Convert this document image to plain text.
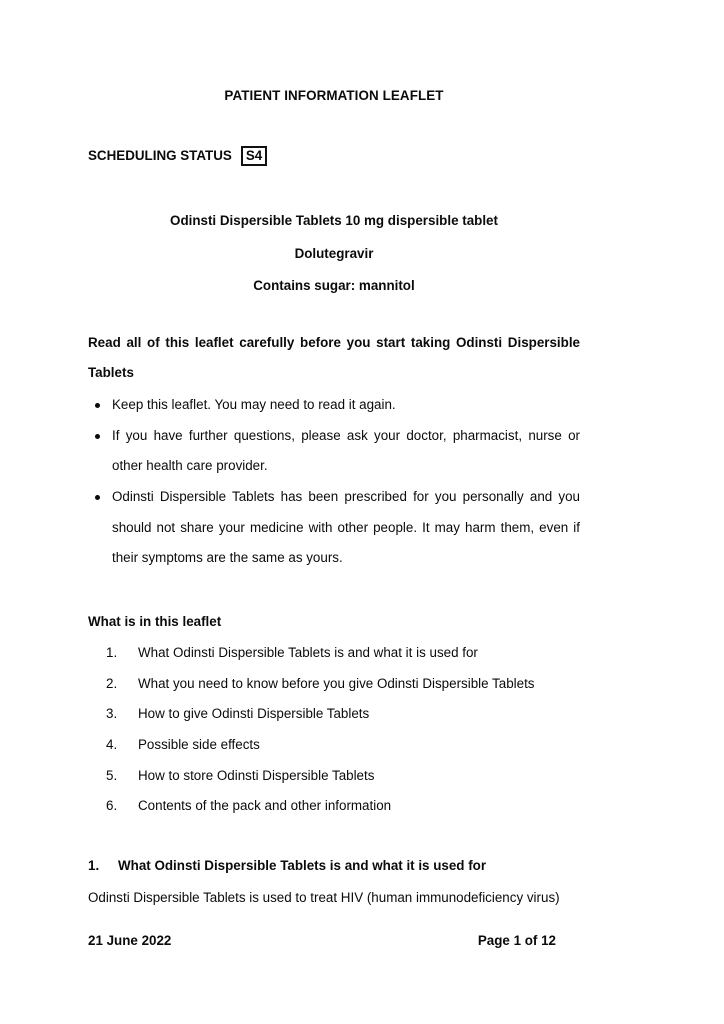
PATIENT INFORMATION LEAFLET
SCHEDULING STATUS S4
Odinsti Dispersible Tablets 10 mg dispersible tablet
Dolutegravir
Contains sugar: mannitol
Read all of this leaflet carefully before you start taking Odinsti Dispersible
Tablets
Keep this leaflet. You may need to read it again.
If you have further questions, please ask your doctor, pharmacist, nurse or
other health care provider.
Odinsti Dispersible Tablets has been prescribed for you personally and you
should not share your medicine with other people. It may harm them, even if
their symptoms are the same as yours.
What is in this leaflet
1. What Odinsti Dispersible Tablets is and what it is used for
2. What you need to know before you give Odinsti Dispersible Tablets
3. How to give Odinsti Dispersible Tablets
4. Possible side effects
5. How to store Odinsti Dispersible Tablets
6. Contents of the pack and other information
1. What Odinsti Dispersible Tablets is and what it is used for
Odinsti Dispersible Tablets is used to treat HIV (human immunodeficiency virus)
21 June 2022	Page 1 of 12
